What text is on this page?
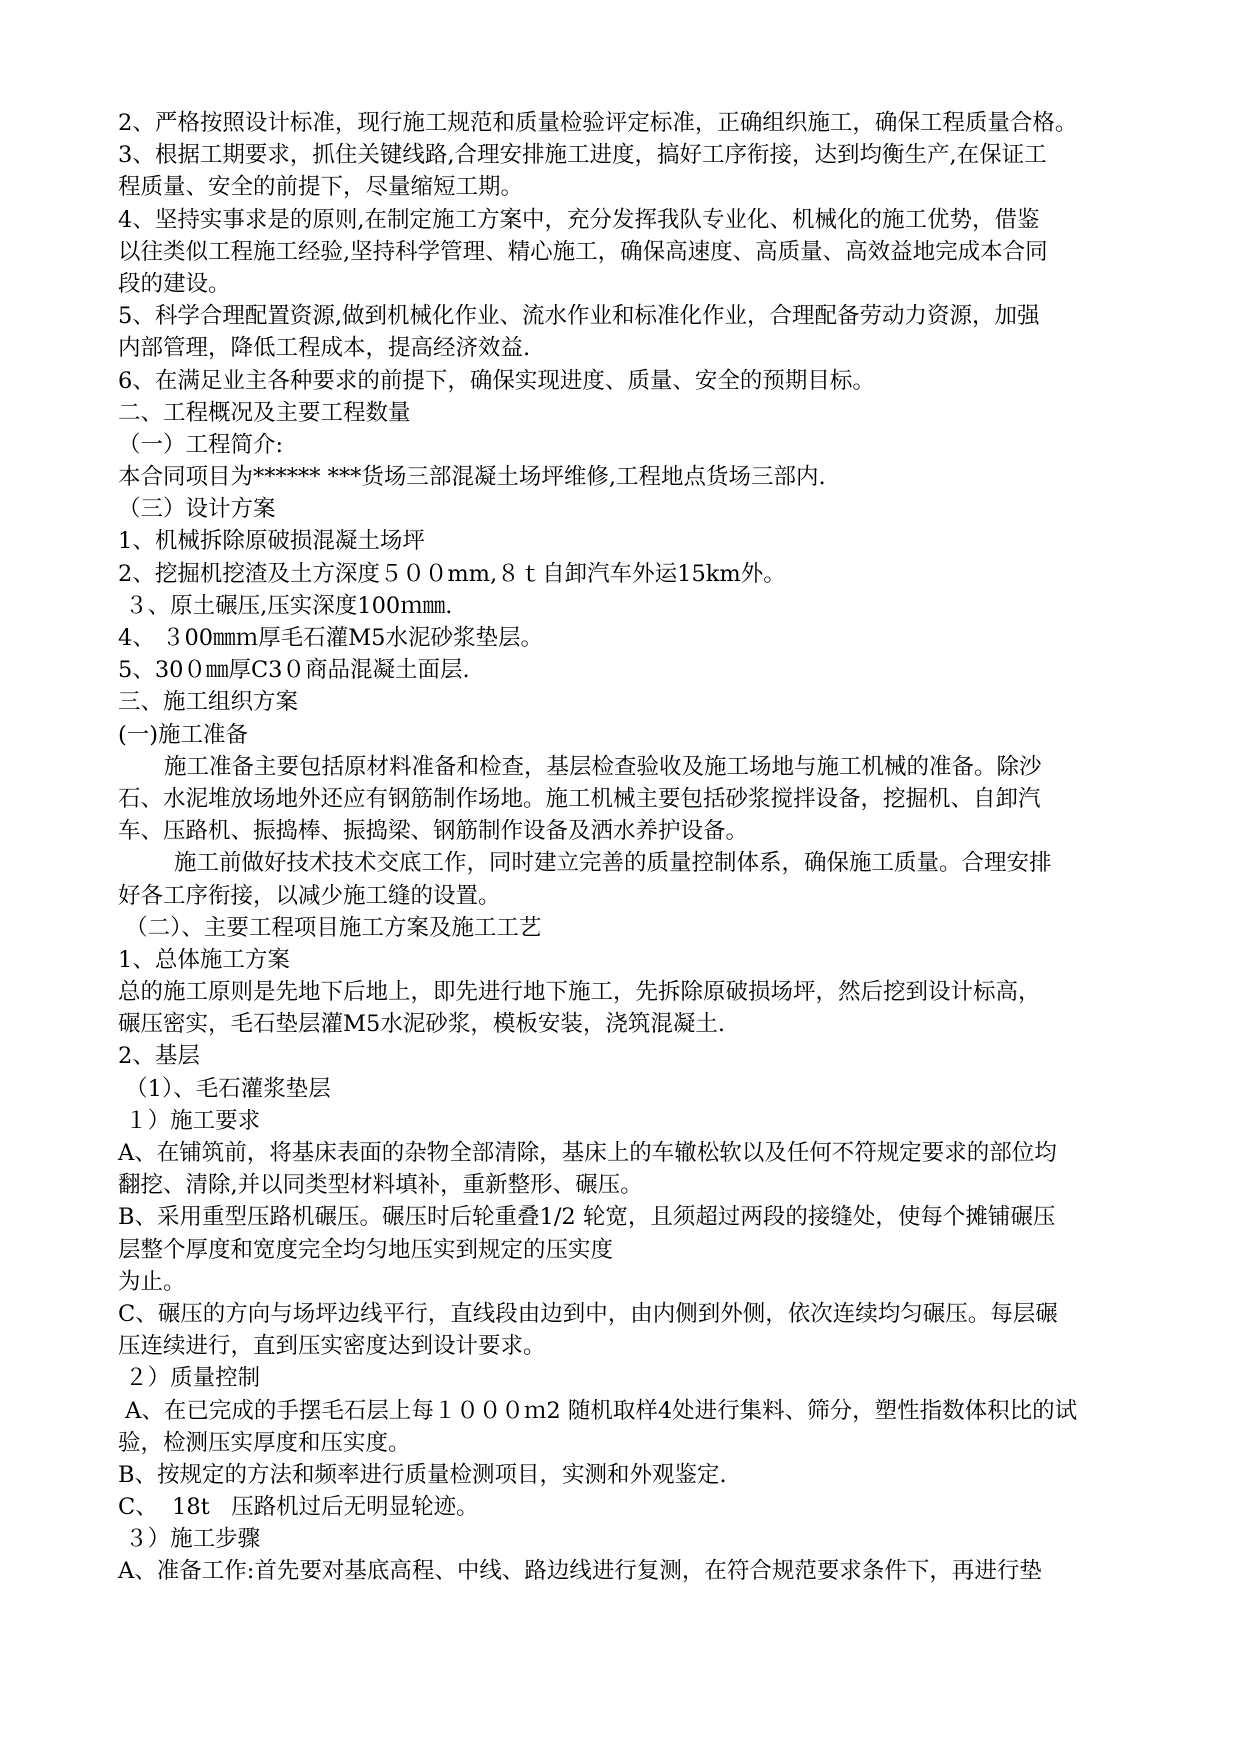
2、严格按照设计标准，现行施工规范和质量检验评定标准，正确组织施工，确保工程质量合格。

3、根据工期要求，抓住关键线路,合理安排施工进度，搞好工序衔接，达到均衡生产,在保证工

程质量、安全的前提下，尽量缩短工期。

4、坚持实事求是的原则,在制定施工方案中，充分发挥我队专业化、机械化的施工优势，借鉴

以往类似工程施工经验,坚持科学管理、精心施工，确保高速度、高质量、高效益地完成本合同

段的建设。

5、科学合理配置资源,做到机械化作业、流水作业和标准化作业，合理配备劳动力资源，加强

内部管理，降低工程成本，提高经济效益.

6、在满足业主各种要求的前提下，确保实现进度、质量、安全的预期目标。

二、工程概况及主要工程数量

（一）工程简介:

本合同项目为****** ***货场三部混凝土场坪维修,工程地点货场三部内.

（三）设计方案

1、机械拆除原破损混凝土场坪

2、挖掘机挖渣及土方深度５００mm,８ｔ自卸汽车外运15km外。

３、原土碾压,压实深度100ｍ㎜.

4、 ３00㎜ｍ厚毛石灌M5水泥砂浆垫层。

5、30０㎜厚C3０商品混凝土面层.

三、施工组织方案

(一)施工准备

施工准备主要包括原材料准备和检查，基层检查验收及施工场地与施工机械的准备。除沙

石、水泥堆放场地外还应有钢筋制作场地。施工机械主要包括砂浆搅拌设备，挖掘机、自卸汽

车、压路机、振捣棒、振捣梁、钢筋制作设备及洒水养护设备。

施工前做好技术技术交底工作，同时建立完善的质量控制体系，确保施工质量。合理安排

好各工序衔接，以减少施工缝的设置。

（二）、主要工程项目施工方案及施工工艺

1、总体施工方案

总的施工原则是先地下后地上，即先进行地下施工，先拆除原破损场坪，然后挖到设计标高，

碾压密实，毛石垫层灌M5水泥砂浆，模板安装，浇筑混凝土.

2、基层

（1）、毛石灌浆垫层

１）施工要求

A、在铺筑前，将基床表面的杂物全部清除，基床上的车辙松软以及任何不符规定要求的部位均

翻挖、清除,并以同类型材料填补，重新整形、碾压。

B、采用重型压路机碾压。碾压时后轮重叠1/2 轮宽，且须超过两段的接缝处，使每个摊铺碾压

层整个厚度和宽度完全均匀地压实到规定的压实度

为止。

C、碾压的方向与场坪边线平行，直线段由边到中，由内侧到外侧，依次连续均匀碾压。每层碾

压连续进行，直到压实密度达到设计要求。

２）质量控制

A、在已完成的手摆毛石层上每１０００ｍ2 随机取样4处进行集料、筛分，塑性指数体积比的试

验，检测压实厚度和压实度。

B、按规定的方法和频率进行质量检测项目，实测和外观鉴定.

C、  18t   压路机过后无明显轮迹。

３）施工步骤

A、准备工作:首先要对基底高程、中线、路边线进行复测，在符合规范要求条件下，再进行垫
